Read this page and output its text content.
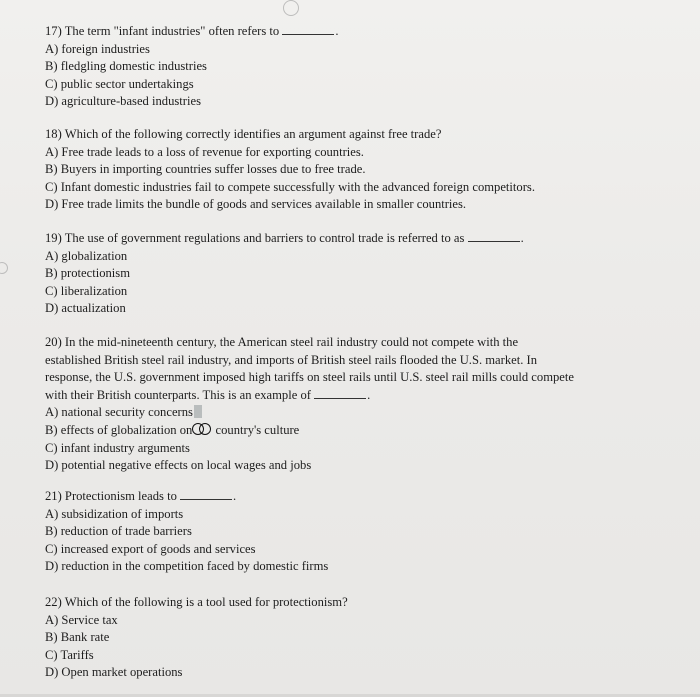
17) The term "infant industries" often refers to	.

A) foreign industries
B) fledgling domestic industries
C) public sector undertakings
D) agriculture-based industries

18) Which of the following correctly identifies an argument against free trade?

A) Free trade leads to a loss of revenue for exporting countries.
B) Buyers in importing countries suffer losses due to free trade.
C) Infant domestic industries fail to compete successfully with the advanced foreign competitors.
D) Free trade limits the bundle of goods and services available in smaller countries.

19) The use of government regulations and barriers to control trade is referred to as	.

A) globalization
B) protectionism
C) liberalization
D) actualization

20) In the mid-nineteenth century, the American steel rail industry could not compete with the
established British steel rail industry, and imports of British steel rails flooded the U.S. market. In
response, the U.S. government imposed high tariffs on steel rails until U.S. steel rail mills could compete
with their British counterparts. This is an example of	.

A) national security concerns
B) effects of globalization on country's culture
C) infant industry arguments
D) potential negative effects on local wages and jobs

21) Protectionism leads to	.

A) subsidization of imports
B) reduction of trade barriers
C) increased export of goods and services
D) reduction in the competition faced by domestic firms

22) Which of the following is a tool used for protectionism?

A) Service tax
B) Bank rate
C) Tariffs
D) Open market operations
